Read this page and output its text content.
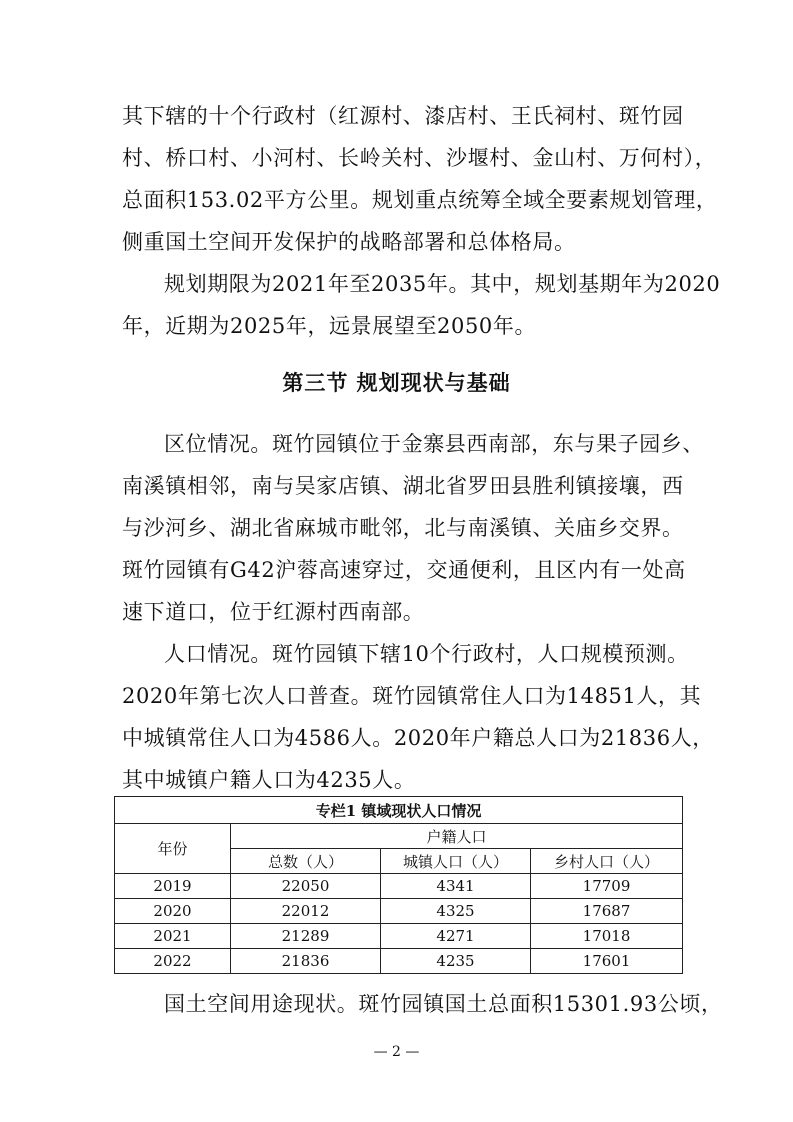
其下辖的十个行政村（红源村、漆店村、王氏祠村、斑竹园
村、桥口村、小河村、长岭关村、沙堰村、金山村、万何村），
总面积153.02平方公里。规划重点统筹全域全要素规划管理，
侧重国土空间开发保护的战略部署和总体格局。
规划期限为2021年至2035年。其中，规划基期年为2020
年，近期为2025年，远景展望至2050年。
第三节 规划现状与基础
区位情况。斑竹园镇位于金寨县西南部，东与果子园乡、
南溪镇相邻，南与吴家店镇、湖北省罗田县胜利镇接壤，西
与沙河乡、湖北省麻城市毗邻，北与南溪镇、关庙乡交界。
斑竹园镇有G42沪蓉高速穿过，交通便利，且区内有一处高
速下道口，位于红源村西南部。
人口情况。斑竹园镇下辖10个行政村，人口规模预测。
2020年第七次人口普查。斑竹园镇常住人口为14851人，其
中城镇常住人口为4586人。2020年户籍总人口为21836人，
其中城镇户籍人口为4235人。
专栏1 镇域现状人口情况			
年份	户籍人口		
	总数（人）	城镇人口（人）	乡村人口（人）
2019	22050	4341	17709
2020	22012	4325	17687
2021	21289	4271	17018
2022	21836	4235	17601
国土空间用途现状。斑竹园镇国土总面积15301.93公顷，
— 2 —
